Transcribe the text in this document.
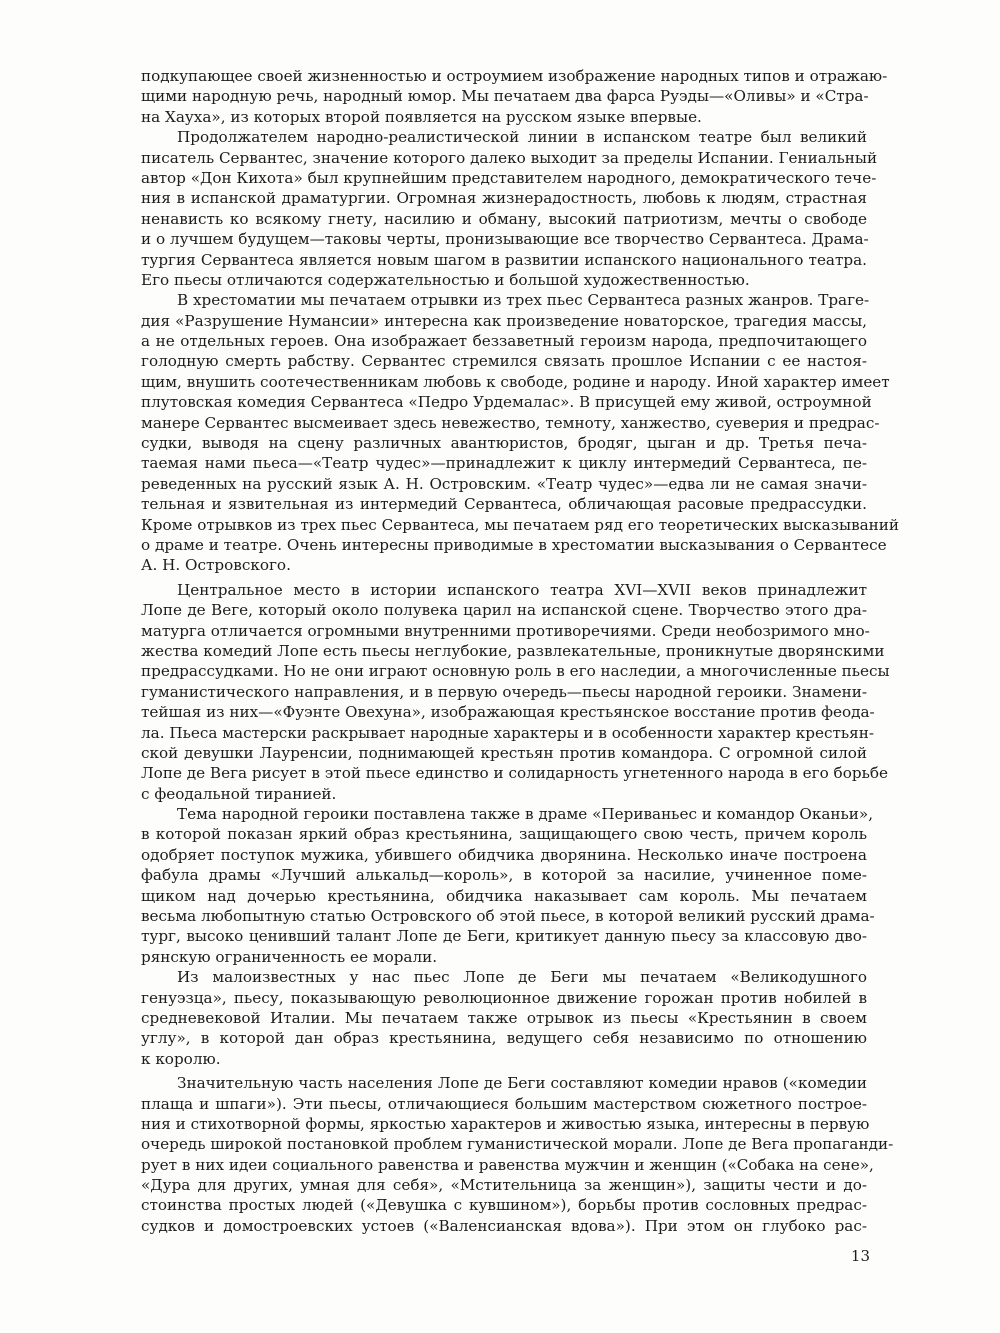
подкупающее своей жизненностью и остроумием изображение народных типов и отражаю-
щими народную речь, народный юмор. Мы печатаем два фарса Руэды—«Оливы» и «Стра-
на Хауха», из которых второй появляется на русском языке впервые.
Продолжателем народно-реалистической линии в испанском театре был великий
писатель Сервантес, значение которого далеко выходит за пределы Испании. Гениальный
автор «Дон Кихота» был крупнейшим представителем народного, демократического тече-
ния в испанской драматургии. Огромная жизнерадостность, любовь к людям, страстная
ненависть ко всякому гнету, насилию и обману, высокий патриотизм, мечты о свободе
и о лучшем будущем—таковы черты, пронизывающие все творчество Сервантеса. Драма-
тургия Сервантеса является новым шагом в развитии испанского национального театра.
Его пьесы отличаются содержательностью и большой художественностью.
В хрестоматии мы печатаем отрывки из трех пьес Сервантеса разных жанров. Траге-
дия «Разрушение Нумансии» интересна как произведение новаторское, трагедия массы,
а не отдельных героев. Она изображает беззаветный героизм народа, предпочитающего
голодную смерть рабству. Сервантес стремился связать прошлое Испании с ее настоя-
щим, внушить соотечественникам любовь к свободе, родине и народу. Иной характер имеет
плутовская комедия Сервантеса «Педро Урдемалас». В присущей ему живой, остроумной
манере Сервантес высмеивает здесь невежество, темноту, ханжество, суеверия и предрас-
судки, выводя на сцену различных авантюристов, бродяг, цыган и др. Третья печа-
таемая нами пьеса—«Театр чудес»—принадлежит к циклу интермедий Сервантеса, пе-
реведенных на русский язык А. Н. Островским. «Театр чудес»—едва ли не самая значи-
тельная и язвительная из интермедий Сервантеса, обличающая расовые предрассудки.
Кроме отрывков из трех пьес Сервантеса, мы печатаем ряд его теоретических высказываний
о драме и театре. Очень интересны приводимые в хрестоматии высказывания о Сервантесе
А. Н. Островского.
Центральное место в истории испанского театра XVI—XVII веков принадлежит
Лопе де Веге, который около полувека царил на испанской сцене. Творчество этого дра-
матурга отличается огромными внутренними противоречиями. Среди необозримого мно-
жества комедий Лопе есть пьесы неглубокие, развлекательные, проникнутые дворянскими
предрассудками. Но не они играют основную роль в его наследии, а многочисленные пьесы
гуманистического направления, и в первую очередь—пьесы народной героики. Знамени-
тейшая из них—«Фуэнте Овехуна», изображающая крестьянское восстание против феода-
ла. Пьеса мастерски раскрывает народные характеры и в особенности характер крестьян-
ской девушки Лауренсии, поднимающей крестьян против командора. С огромной силой
Лопе де Вега рисует в этой пьесе единство и солидарность угнетенного народа в его борьбе
с феодальной тиранией.
Тема народной героики поставлена также в драме «Периваньес и командор Оканьи»,
в которой показан яркий образ крестьянина, защищающего свою честь, причем король
одобряет поступок мужика, убившего обидчика дворянина. Несколько иначе построена
фабула драмы «Лучший алькальд—король», в которой за насилие, учиненное поме-
щиком над дочерью крестьянина, обидчика наказывает сам король. Мы печатаем
весьма любопытную статью Островского об этой пьесе, в которой великий русский драма-
тург, высоко ценивший талант Лопе де Беги, критикует данную пьесу за классовую дво-
рянскую ограниченность ее морали.
Из малоизвестных у нас пьес Лопе де Беги мы печатаем «Великодушного
генуэзца», пьесу, показывающую революционное движение горожан против нобилей в
средневековой Италии. Мы печатаем также отрывок из пьесы «Крестьянин в своем
углу», в которой дан образ крестьянина, ведущего себя независимо по отношению
к королю.
Значительную часть населения Лопе де Беги составляют комедии нравов («комедии
плаща и шпаги»). Эти пьесы, отличающиеся большим мастерством сюжетного построе-
ния и стихотворной формы, яркостью характеров и живостью языка, интересны в первую
очередь широкой постановкой проблем гуманистической морали. Лопе де Вега пропаганди-
рует в них идеи социального равенства и равенства мужчин и женщин («Собака на сене»,
«Дура для других, умная для себя», «Мстительница за женщин»), защиты чести и до-
стоинства простых людей («Девушка с кувшином»), борьбы против сословных предрас-
судков и домостроевских устоев («Валенсианская вдова»). При этом он глубоко рас-
13
